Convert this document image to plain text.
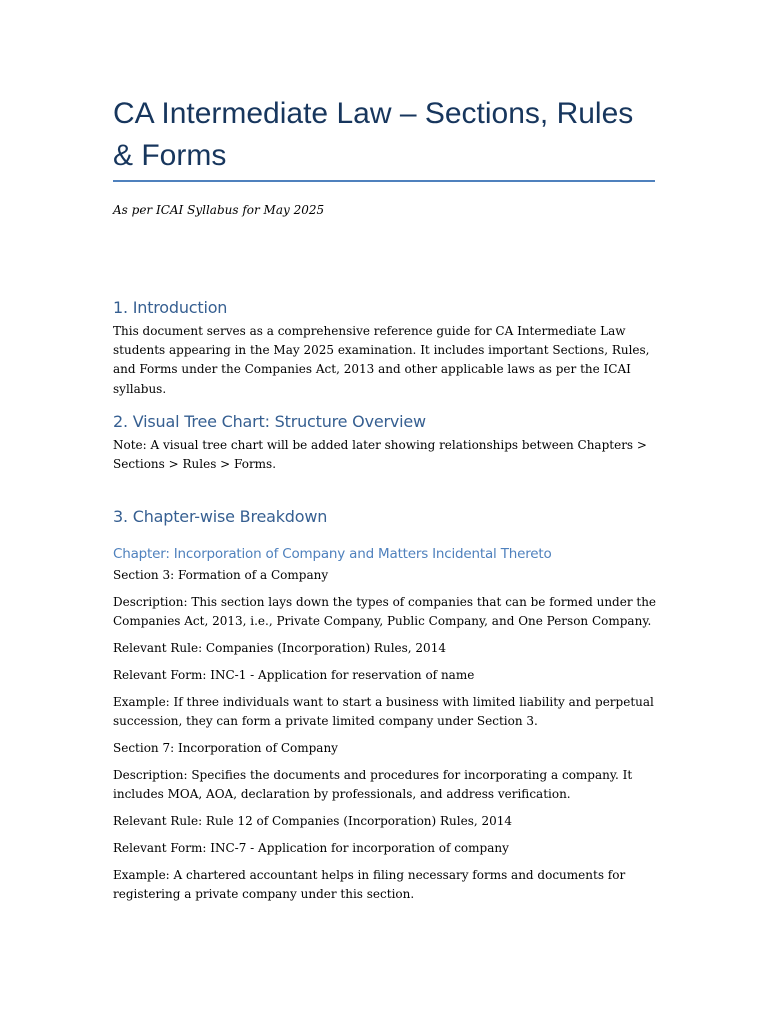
CA Intermediate Law – Sections, Rules & Forms
As per ICAI Syllabus for May 2025
1. Introduction

This document serves as a comprehensive reference guide for CA Intermediate Law students appearing in the May 2025 examination. It includes important Sections, Rules, and Forms under the Companies Act, 2013 and other applicable laws as per the ICAI syllabus.

2. Visual Tree Chart: Structure Overview

Note: A visual tree chart will be added later showing relationships between Chapters > Sections > Rules > Forms.

3. Chapter-wise Breakdown
Chapter: Incorporation of Company and Matters Incidental Thereto

Section 3: Formation of a Company

Description: This section lays down the types of companies that can be formed under the Companies Act, 2013, i.e., Private Company, Public Company, and One Person Company.

Relevant Rule: Companies (Incorporation) Rules, 2014

Relevant Form: INC-1 - Application for reservation of name

Example: If three individuals want to start a business with limited liability and perpetual succession, they can form a private limited company under Section 3.

Section 7: Incorporation of Company

Description: Specifies the documents and procedures for incorporating a company. It includes MOA, AOA, declaration by professionals, and address verification.

Relevant Rule: Rule 12 of Companies (Incorporation) Rules, 2014

Relevant Form: INC-7 - Application for incorporation of company

Example: A chartered accountant helps in filing necessary forms and documents for registering a private company under this section.
